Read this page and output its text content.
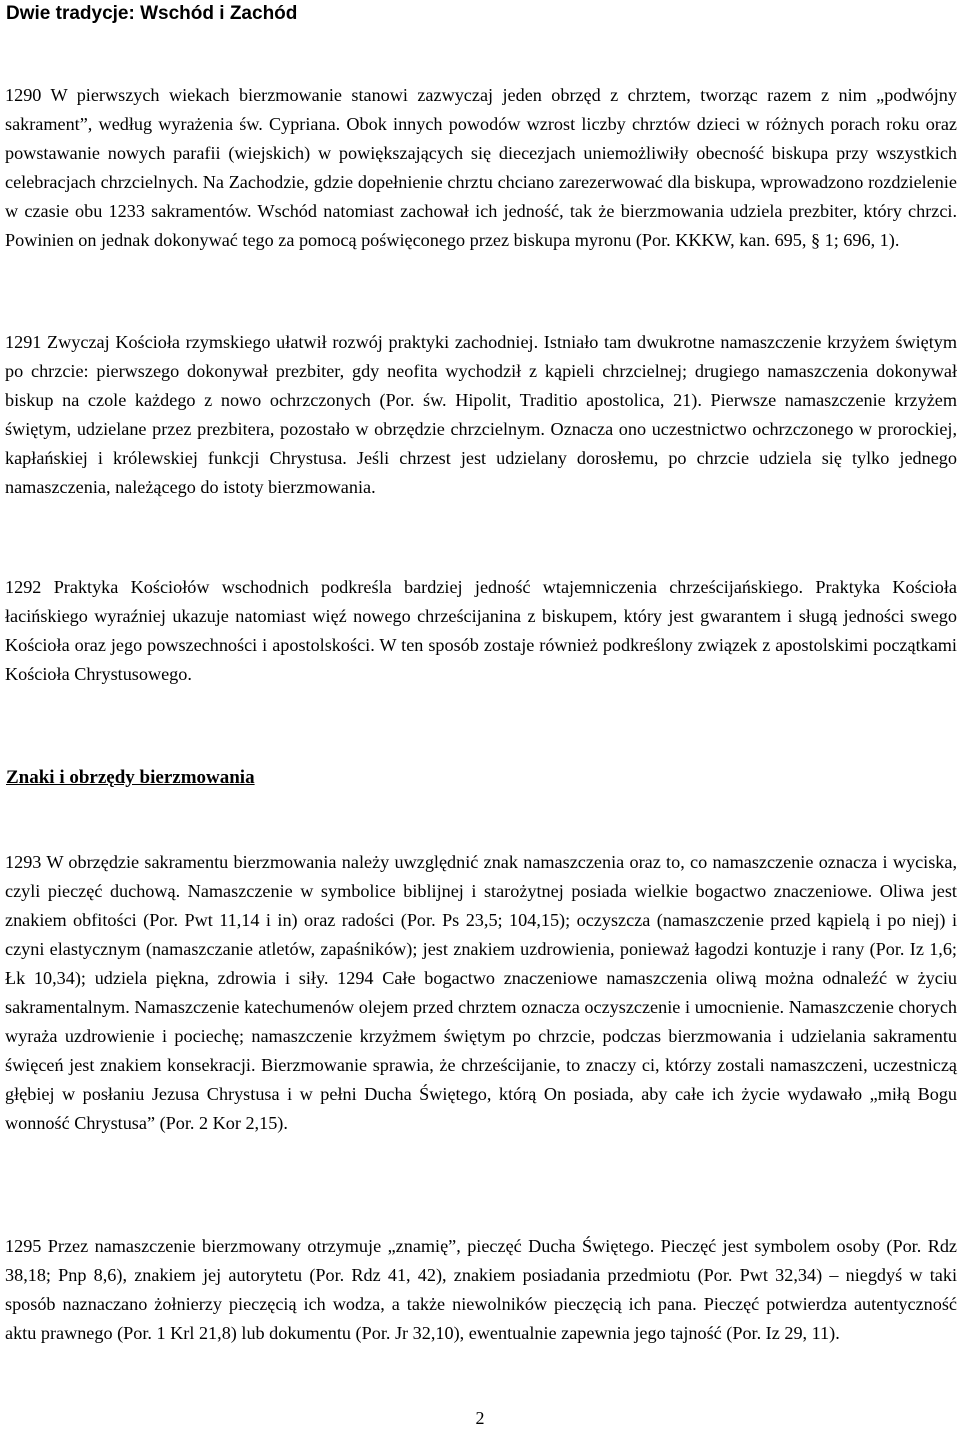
Dwie tradycje: Wschód i Zachód

1290 W pierwszych wiekach bierzmowanie stanowi zazwyczaj jeden obrzęd z chrztem, tworząc razem z nim „podwójny sakrament”, według wyrażenia św. Cypriana. Obok innych powodów wzrost liczby chrztów dzieci w różnych porach roku oraz powstawanie nowych parafii (wiejskich) w powiększających się diecezjach uniemożliwiły obecność biskupa przy wszystkich celebracjach chrzcielnych. Na Zachodzie, gdzie dopełnienie chrztu chciano zarezerwować dla biskupa, wprowadzono rozdzielenie w czasie obu 1233 sakramentów. Wschód natomiast zachował ich jedność, tak że bierzmowania udziela prezbiter, który chrzci. Powinien on jednak dokonywać tego za pomocą poświęconego przez biskupa myronu (Por. KKKW, kan. 695, § 1; 696, 1).

1291 Zwyczaj Kościoła rzymskiego ułatwił rozwój praktyki zachodniej. Istniało tam dwukrotne namaszczenie krzyżem świętym po chrzcie: pierwszego dokonywał prezbiter, gdy neofita wychodził z kąpieli chrzcielnej; drugiego namaszczenia dokonywał biskup na czole każdego z nowo ochrzczonych (Por. św. Hipolit, Traditio apostolica, 21). Pierwsze namaszczenie krzyżem świętym, udzielane przez prezbitera, pozostało w obrzędzie chrzcielnym. Oznacza ono uczestnictwo ochrzczonego w prorockiej, kapłańskiej i królewskiej funkcji Chrystusa. Jeśli chrzest jest udzielany dorosłemu, po chrzcie udziela się tylko jednego namaszczenia, należącego do istoty bierzmowania.

1292 Praktyka Kościołów wschodnich podkreśla bardziej jedność wtajemniczenia chrześcijańskiego. Praktyka Kościoła łacińskiego wyraźniej ukazuje natomiast więź nowego chrześcijanina z biskupem, który jest gwarantem i sługą jedności swego Kościoła oraz jego powszechności i apostolskości. W ten sposób zostaje również podkreślony związek z apostolskimi początkami Kościoła Chrystusowego.

Znaki i obrzędy bierzmowania

1293 W obrzędzie sakramentu bierzmowania należy uwzględnić znak namaszczenia oraz to, co namaszczenie oznacza i wyciska, czyli pieczęć duchową. Namaszczenie w symbolice biblijnej i starożytnej posiada wielkie bogactwo znaczeniowe. Oliwa jest znakiem obfitości (Por. Pwt 11,14 i in) oraz radości (Por. Ps 23,5; 104,15); oczyszcza (namaszczenie przed kąpielą i po niej) i czyni elastycznym (namaszczanie atletów, zapaśników); jest znakiem uzdrowienia, ponieważ łagodzi kontuzje i rany (Por. Iz 1,6; Łk 10,34); udziela piękna, zdrowia i siły. 1294 Całe bogactwo znaczeniowe namaszczenia oliwą można odnaleźć w życiu sakramentalnym. Namaszczenie katechumenów olejem przed chrztem oznacza oczyszczenie i umocnienie. Namaszczenie chorych wyraża uzdrowienie i pociechę; namaszczenie krzyżmem świętym po chrzcie, podczas bierzmowania i udzielania sakramentu święceń jest znakiem konsekracji. Bierzmowanie sprawia, że chrześcijanie, to znaczy ci, którzy zostali namaszczeni, uczestniczą głębiej w posłaniu Jezusa Chrystusa i w pełni Ducha Świętego, którą On posiada, aby całe ich życie wydawało „miłą Bogu wonność Chrystusa” (Por. 2 Kor 2,15).

1295 Przez namaszczenie bierzmowany otrzymuje „znamię”, pieczęć Ducha Świętego. Pieczęć jest symbolem osoby (Por. Rdz 38,18; Pnp 8,6), znakiem jej autorytetu (Por. Rdz 41, 42), znakiem posiadania przedmiotu (Por. Pwt 32,34) – niegdyś w taki sposób naznaczano żołnierzy pieczęcią ich wodza, a także niewolników pieczęcią ich pana. Pieczęć potwierdza autentyczność aktu prawnego (Por. 1 Krl 21,8) lub dokumentu (Por. Jr 32,10), ewentualnie zapewnia jego tajność (Por. Iz 29, 11).

2
